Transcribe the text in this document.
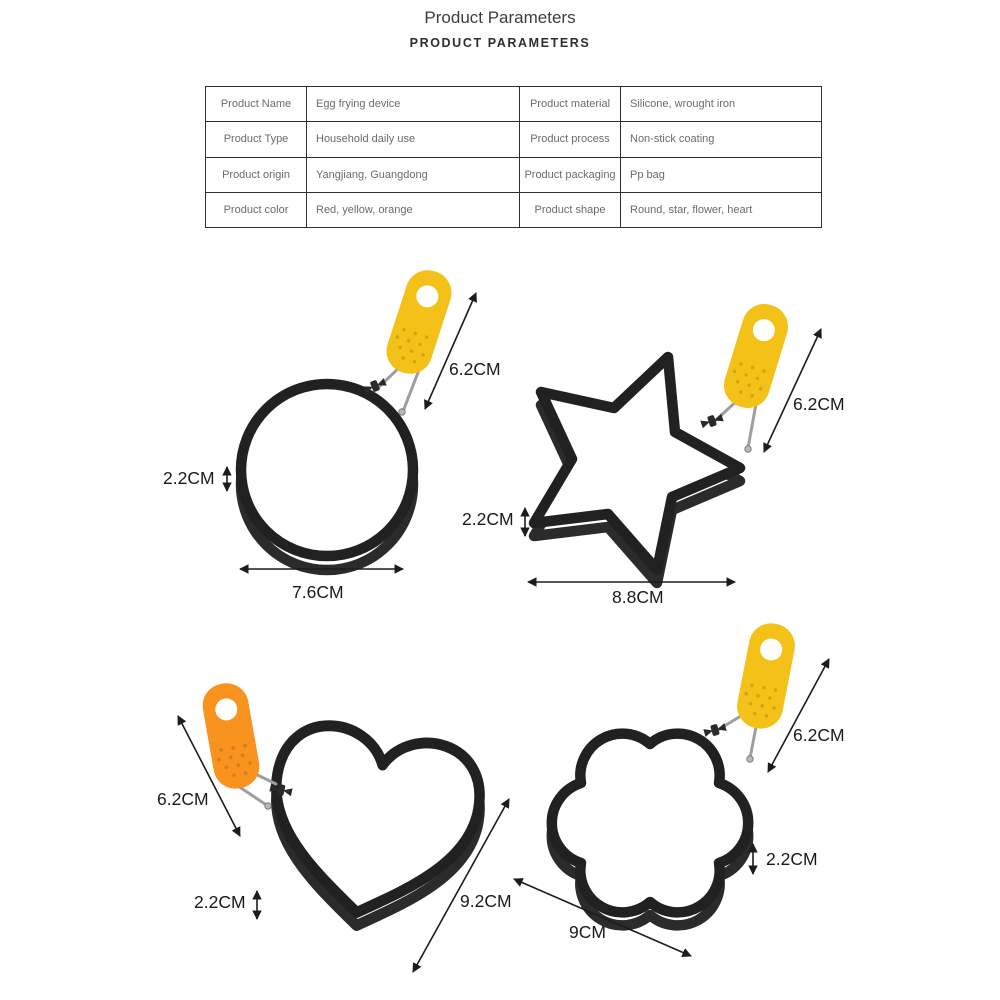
Product Parameters
PRODUCT PARAMETERS
Product Name	Egg frying device	Product material	Silicone, wrought iron
Product Type	Household daily use	Product process	Non-stick coating
Product origin	Yangjiang, Guangdong	Product packaging	Pp bag
Product color	Red, yellow, orange	Product shape	Round, star, flower, heart
6.2CM
2.2CM
7.6CM
6.2CM
2.2CM
8.8CM
6.2CM
2.2CM	9.2CM
6.2CM
2.2CM
9CM
